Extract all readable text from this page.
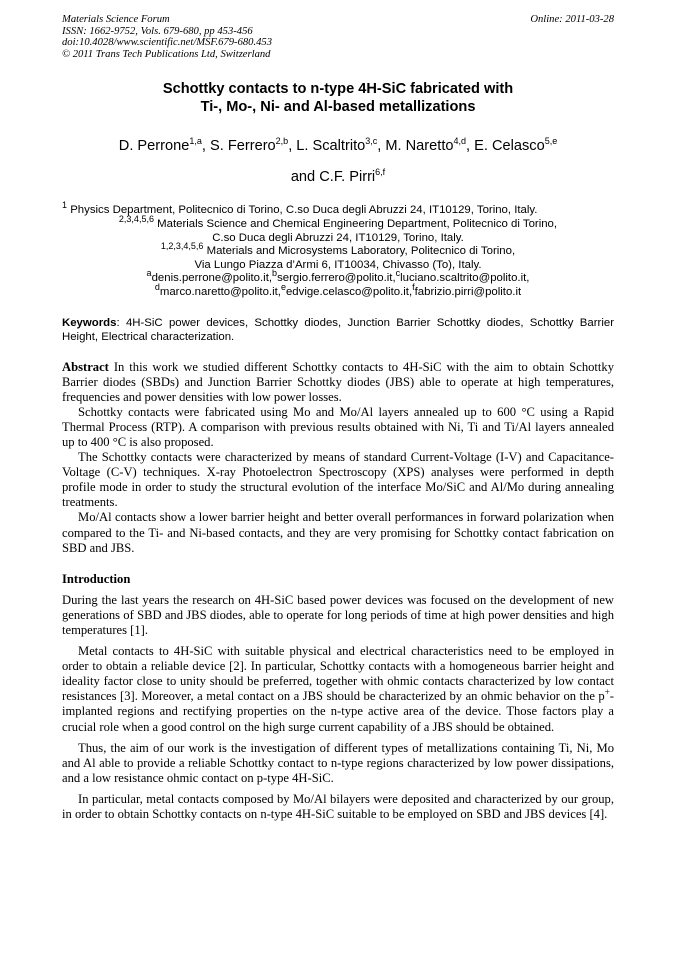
Materials Science Forum
ISSN: 1662-9752, Vols. 679-680, pp 453-456
doi:10.4028/www.scientific.net/MSF.679-680.453
© 2011 Trans Tech Publications Ltd, Switzerland
Online: 2011-03-28
Schottky contacts to n-type 4H-SiC fabricated with
Ti-, Mo-, Ni- and Al-based metallizations
D. Perrone$^{1,a}$, S. Ferrero$^{2,b}$, L. Scaltrito$^{3,c}$, M. Naretto$^{4,d}$, E. Celasco$^{5,e}$
and C.F. Pirri$^{6,f}$
$^1$ Physics Department, Politecnico di Torino, C.so Duca degli Abruzzi 24, IT10129, Torino, Italy.
$^{2,3,4,5,6}$ Materials Science and Chemical Engineering Department, Politecnico di Torino,
C.so Duca degli Abruzzi 24, IT10129, Torino, Italy.
$^{1,2,3,4,5,6}$ Materials and Microsystems Laboratory, Politecnico di Torino,
Via Lungo Piazza d’Armi 6, IT10034, Chivasso (To), Italy.
$^a$denis.perrone@polito.it,$^b$sergio.ferrero@polito.it,$^c$luciano.scaltrito@polito.it,
$^d$marco.naretto@polito.it,$^e$edvige.celasco@polito.it,$^f$fabrizio.pirri@polito.it
Keywords: 4H-SiC power devices, Schottky diodes, Junction Barrier Schottky diodes, Schottky Barrier Height, Electrical characterization.

Abstract In this work we studied different Schottky contacts to 4H-SiC with the aim to obtain Schottky Barrier diodes (SBDs) and Junction Barrier Schottky diodes (JBS) able to operate at high temperatures, frequencies and power densities with low power losses.

Schottky contacts were fabricated using Mo and Mo/Al layers annealed up to 600 °C using a Rapid Thermal Process (RTP). A comparison with previous results obtained with Ni, Ti and Ti/Al layers annealed up to 400 °C is also proposed.

The Schottky contacts were characterized by means of standard Current-Voltage (I-V) and Capacitance-Voltage (C-V) techniques. X-ray Photoelectron Spectroscopy (XPS) analyses were performed in depth profile mode in order to study the structural evolution of the interface Mo/SiC and Al/Mo during annealing treatments.

Mo/Al contacts show a lower barrier height and better overall performances in forward polarization when compared to the Ti- and Ni-based contacts, and they are very promising for Schottky contact fabrication on SBD and JBS.

Introduction

During the last years the research on 4H-SiC based power devices was focused on the development of new generations of SBD and JBS diodes, able to operate for long periods of time at high power densities and high temperatures [1].

Metal contacts to 4H-SiC with suitable physical and electrical characteristics need to be employed in order to obtain a reliable device [2]. In particular, Schottky contacts with a homogeneous barrier height and ideality factor close to unity should be preferred, together with ohmic contacts characterized by low contact resistances [3]. Moreover, a metal contact on a JBS should be characterized by an ohmic behavior on the p+-implanted regions and rectifying properties on the n-type active area of the device. Those factors play a crucial role when a good control on the high surge current capability of a JBS should be obtained.

Thus, the aim of our work is the investigation of different types of metallizations containing Ti, Ni, Mo and Al able to provide a reliable Schottky contact to n-type regions characterized by low power dissipations, and a low resistance ohmic contact on p-type 4H-SiC.

In particular, metal contacts composed by Mo/Al bilayers were deposited and characterized by our group, in order to obtain Schottky contacts on n-type 4H-SiC suitable to be employed on SBD and JBS devices [4].
